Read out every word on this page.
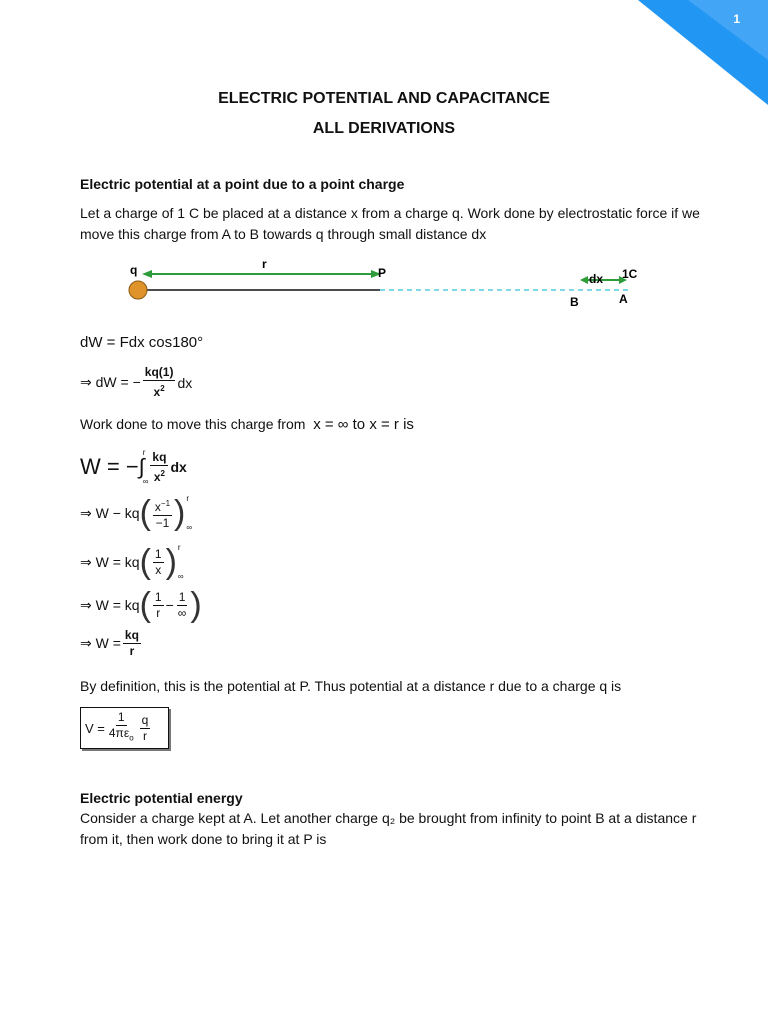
1
ELECTRIC POTENTIAL AND CAPACITANCE
ALL DERIVATIONS
Electric potential at a point due to a point charge
Let a charge of 1 C be placed at a distance x from a charge q. Work done by electrostatic force if we move this charge from A to B towards q through small distance dx
q	r
P	dx 1C
B	A
dW = Fdx cos180°
⇒ dW = − $\frac{kq(1)}{x^2}$ dx
Work done to move this charge from x = ∞ to x = r is
W = −∫
r
∞ $\frac{kq}{x^2}$ dx
⇒ W − kq ( $\frac{x^{-1}}{-1}$ ) r
∞
⇒ W = kq ( $\frac{1}{x}$ ) r
∞
⇒ W = kq ( $\frac{1}{r} - \frac{1}{\infty}$ )
⇒ $W = \frac{kq}{r}$
By definition, this is the potential at P. Thus potential at a distance r due to a charge q is
$V = \frac{1}{4\pi\varepsilon_o} \frac{q}{r}$
Electric potential energy
Consider a charge kept at A. Let another charge q₂ be brought from infinity to point B at a distance r from it, then work done to bring it at P is
